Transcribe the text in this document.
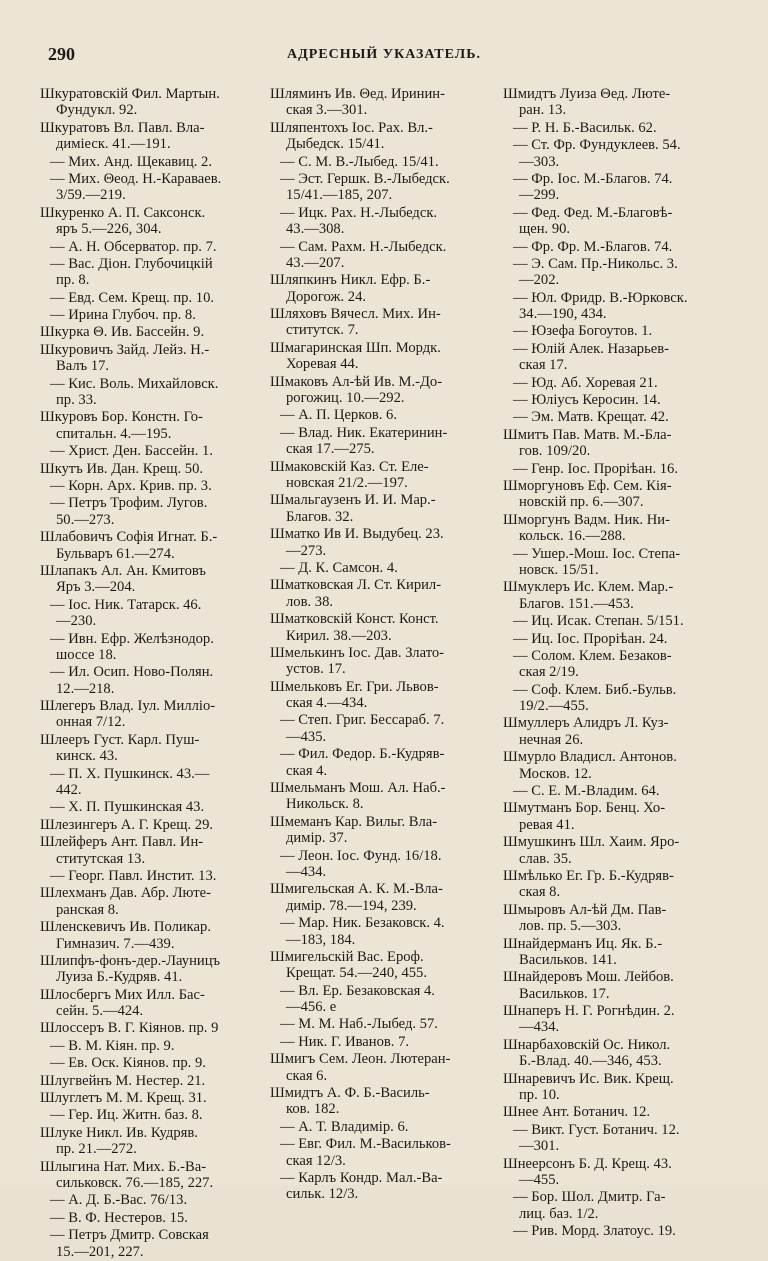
290	АДРЕСНЫЙ УКАЗАТЕЛЬ.
Шкуратовскій Фил. Мартын.
Фундукл. 92.
Шкуратовъ Вл. Павл. Вла-
диміеск. 41.—191.
— Мих. Анд. Щекавиц. 2.
— Мих. Θеод. Н.-Караваев.
3/59.—219.
Шкуренко А. П. Саксонск.
яръ 5.—226, 304.
— А. Н. Обсерватор. пр. 7.
— Вас. Діон. Глубочицкій
пр. 8.
— Евд. Сем. Крещ. пр. 10.
— Ирина Глубоч. пр. 8.
Шкурка Θ. Ив. Бассейн. 9.
Шкуровичъ Зайд. Лейз. Н.-
Валъ 17.
— Кис. Воль. Михайловск.
пр. 33.
Шкуровъ Бор. Констн. Го-
спитальн. 4.—195.
— Христ. Ден. Бассейн. 1.
Шкутъ Ив. Дан. Крещ. 50.
— Корн. Арх. Крив. пр. 3.
— Петръ Трофим. Лугов.
50.—273.
Шлабовичъ Софія Игнат. Б.-
Бульваръ 61.—274.
Шлапакъ Ал. Ан. Кмитовъ
Яръ 3.—204.
— Іос. Ник. Татарск. 46.
—230.
— Ивн. Ефр. Желѣзнодор.
шоссе 18.
— Ил. Осип. Ново-Полян.
12.—218.
Шлегеръ Влад. Іул. Милліо-
онная 7/12.
Шлееръ Густ. Карл. Пуш-
кинск. 43.
— П. Х. Пушкинск. 43.—
442.
— Х. П. Пушкинская 43.
Шлезингеръ А. Г. Крещ. 29.
Шлейферъ Ант. Павл. Ин-
ститутская 13.
— Георг. Павл. Инстит. 13.
Шлехманъ Дав. Абр. Люте-
ранская 8.
Шленскевичъ Ив. Поликар.
Гимназич. 7.—439.
Шлипфъ-фонъ-дер.-Лауницъ
Луиза Б.-Кудряв. 41.
Шлосбергъ Мих Илл. Бас-
сейн. 5.—424.
Шлоссеръ В. Г. Кіянов. пр. 9
— В. М. Кіян. пр. 9.
— Ев. Оск. Кіянов. пр. 9.
Шлугвейнъ М. Нестер. 21.
Шлуглетъ М. М. Крещ. 31.
— Гер. Иц. Житн. баз. 8.
Шлуке Никл. Ив. Кудряв.
пр. 21.—272.
Шлыгина Нат. Мих. Б.-Ва-
сильковск. 76.—185, 227.
— А. Д. Б.-Вас. 76/13.
— В. Ф. Нестеров. 15.
— Петръ Дмитр. Совская
15.—201, 227.
Шляминъ Ив. Θед. Иринин-
ская 3.—301.
Шляпентохъ Іос. Рах. Вл.-
Дыбедск. 15/41.
— С. М. В.-Лыбед. 15/41.
— Эст. Гершк. В.-Лыбедск.
15/41.—185, 207.
— Ицк. Рах. Н.-Лыбедск.
43.—308.
— Сам. Рахм. Н.-Лыбедск.
43.—207.
Шляпкинъ Никл. Ефр. Б.-
Дорогож. 24.
Шляховъ Вячесл. Мих. Ин-
ститутск. 7.
Шмагаринская Шп. Мордк.
Хоревая 44.
Шмаковъ Ал-ѣй Ив. М.-До-
рогожиц. 10.—292.
— А. П. Церков. 6.
— Влад. Ник. Екатеринин-
ская 17.—275.
Шмаковскій Каз. Ст. Еле-
новская 21/2.—197.
Шмальгаузенъ И. И. Мар.-
Благов. 32.
Шматко Ив И. Выдубец. 23.
—273.
— Д. К. Самсон. 4.
Шматковская Л. Ст. Кирил-
лов. 38.
Шматковскій Конст. Конст.
Кирил. 38.—203.
Шмелькинъ Іос. Дав. Злато-
устов. 17.
Шмельковъ Ег. Гри. Львов-
ская 4.—434.
— Степ. Григ. Бессараб. 7.
—435.
— Фил. Федор. Б.-Кудряв-
ская 4.
Шмельманъ Мош. Ал. Наб.-
Никольск. 8.
Шмеманъ Кар. Вильг. Вла-
димір. 37.
— Леон. Іос. Фунд. 16/18.
—434.
Шмигельская А. К. М.-Вла-
димір. 78.—194, 239.
— Мар. Ник. Безаковск. 4.
—183, 184.
Шмигельскій Вас. Ероф.
Крещат. 54.—240, 455.
— Вл. Ер. Безаковская 4.
—456. е
— М. М. Наб.-Лыбед. 57.
— Ник. Г. Иванов. 7.
Шмигъ Сем. Леон. Лютеран-
ская 6.
Шмидтъ А. Ф. Б.-Василь-
ков. 182.
— А. Т. Владимір. 6.
— Евг. Фил. М.-Васильков-
ская 12/3.
— Карлъ Кондр. Мал.-Ва-
сильк. 12/3.
Шмидтъ Луиза Θед. Люте-
ран. 13.
— Р. Н. Б.-Васильк. 62.
— Ст. Фр. Фундуклеев. 54.
—303.
— Фр. Іос. М.-Благов. 74.
—299.
— Фед. Фед. М.-Благовѣ-
щен. 90.
— Фр. Фр. М.-Благов. 74.
— Э. Сам. Пр.-Никольс. 3.
—202.
— Юл. Фридр. В.-Юрковск.
34.—190, 434.
— Юзефа Богоутов. 1.
— Юлій Алек. Назарьев-
ская 17.
— Юд. Аб. Хоревая 21.
— Юліусъ Керосин. 14.
— Эм. Матв. Крещат. 42.
Шмитъ Пав. Матв. М.-Бла-
гов. 109/20.
— Генр. Іос. Проріѣан. 16.
Шморгуновъ Еф. Сем. Кія-
новскій пр. 6.—307.
Шморгунъ Вадм. Ник. Ни-
кольск. 16.—288.
— Ушер.-Мош. Іос. Степа-
новск. 15/51.
Шмуклеръ Ис. Клем. Мар.-
Благов. 151.—453.
— Иц. Исак. Степан. 5/151.
— Иц. Іос. Проріѣан. 24.
— Солом. Клем. Безаков-
ская 2/19.
— Соф. Клем. Биб.-Бульв.
19/2.—455.
Шмуллеръ Алидръ Л. Куз-
нечная 26.
Шмурло Владисл. Антонов.
Москов. 12.
— С. Е. М.-Владим. 64.
Шмутманъ Бор. Бенц. Хо-
ревая 41.
Шмушкинъ Шл. Хаим. Яро-
слав. 35.
Шмѣлько Ег. Гр. Б.-Кудряв-
ская 8.
Шмыровъ Ал-ѣй Дм. Пав-
лов. пр. 5.—303.
Шнайдерманъ Иц. Як. Б.-
Васильков. 141.
Шнайдеровъ Мош. Лейбов.
Васильков. 17.
Шнаперъ Н. Г. Рогнѣдин. 2.
—434.
Шнарбаховскій Ос. Никол.
Б.-Влад. 40.—346, 453.
Шнаревичъ Ис. Вик. Крещ.
пр. 10.
Шнее Ант. Ботанич. 12.
— Викт. Густ. Ботанич. 12.
—301.
Шнеерсонъ Б. Д. Крещ. 43.
—455.
— Бор. Шол. Дмитр. Га-
лиц. баз. 1/2.
— Рив. Морд. Златоус. 19.
